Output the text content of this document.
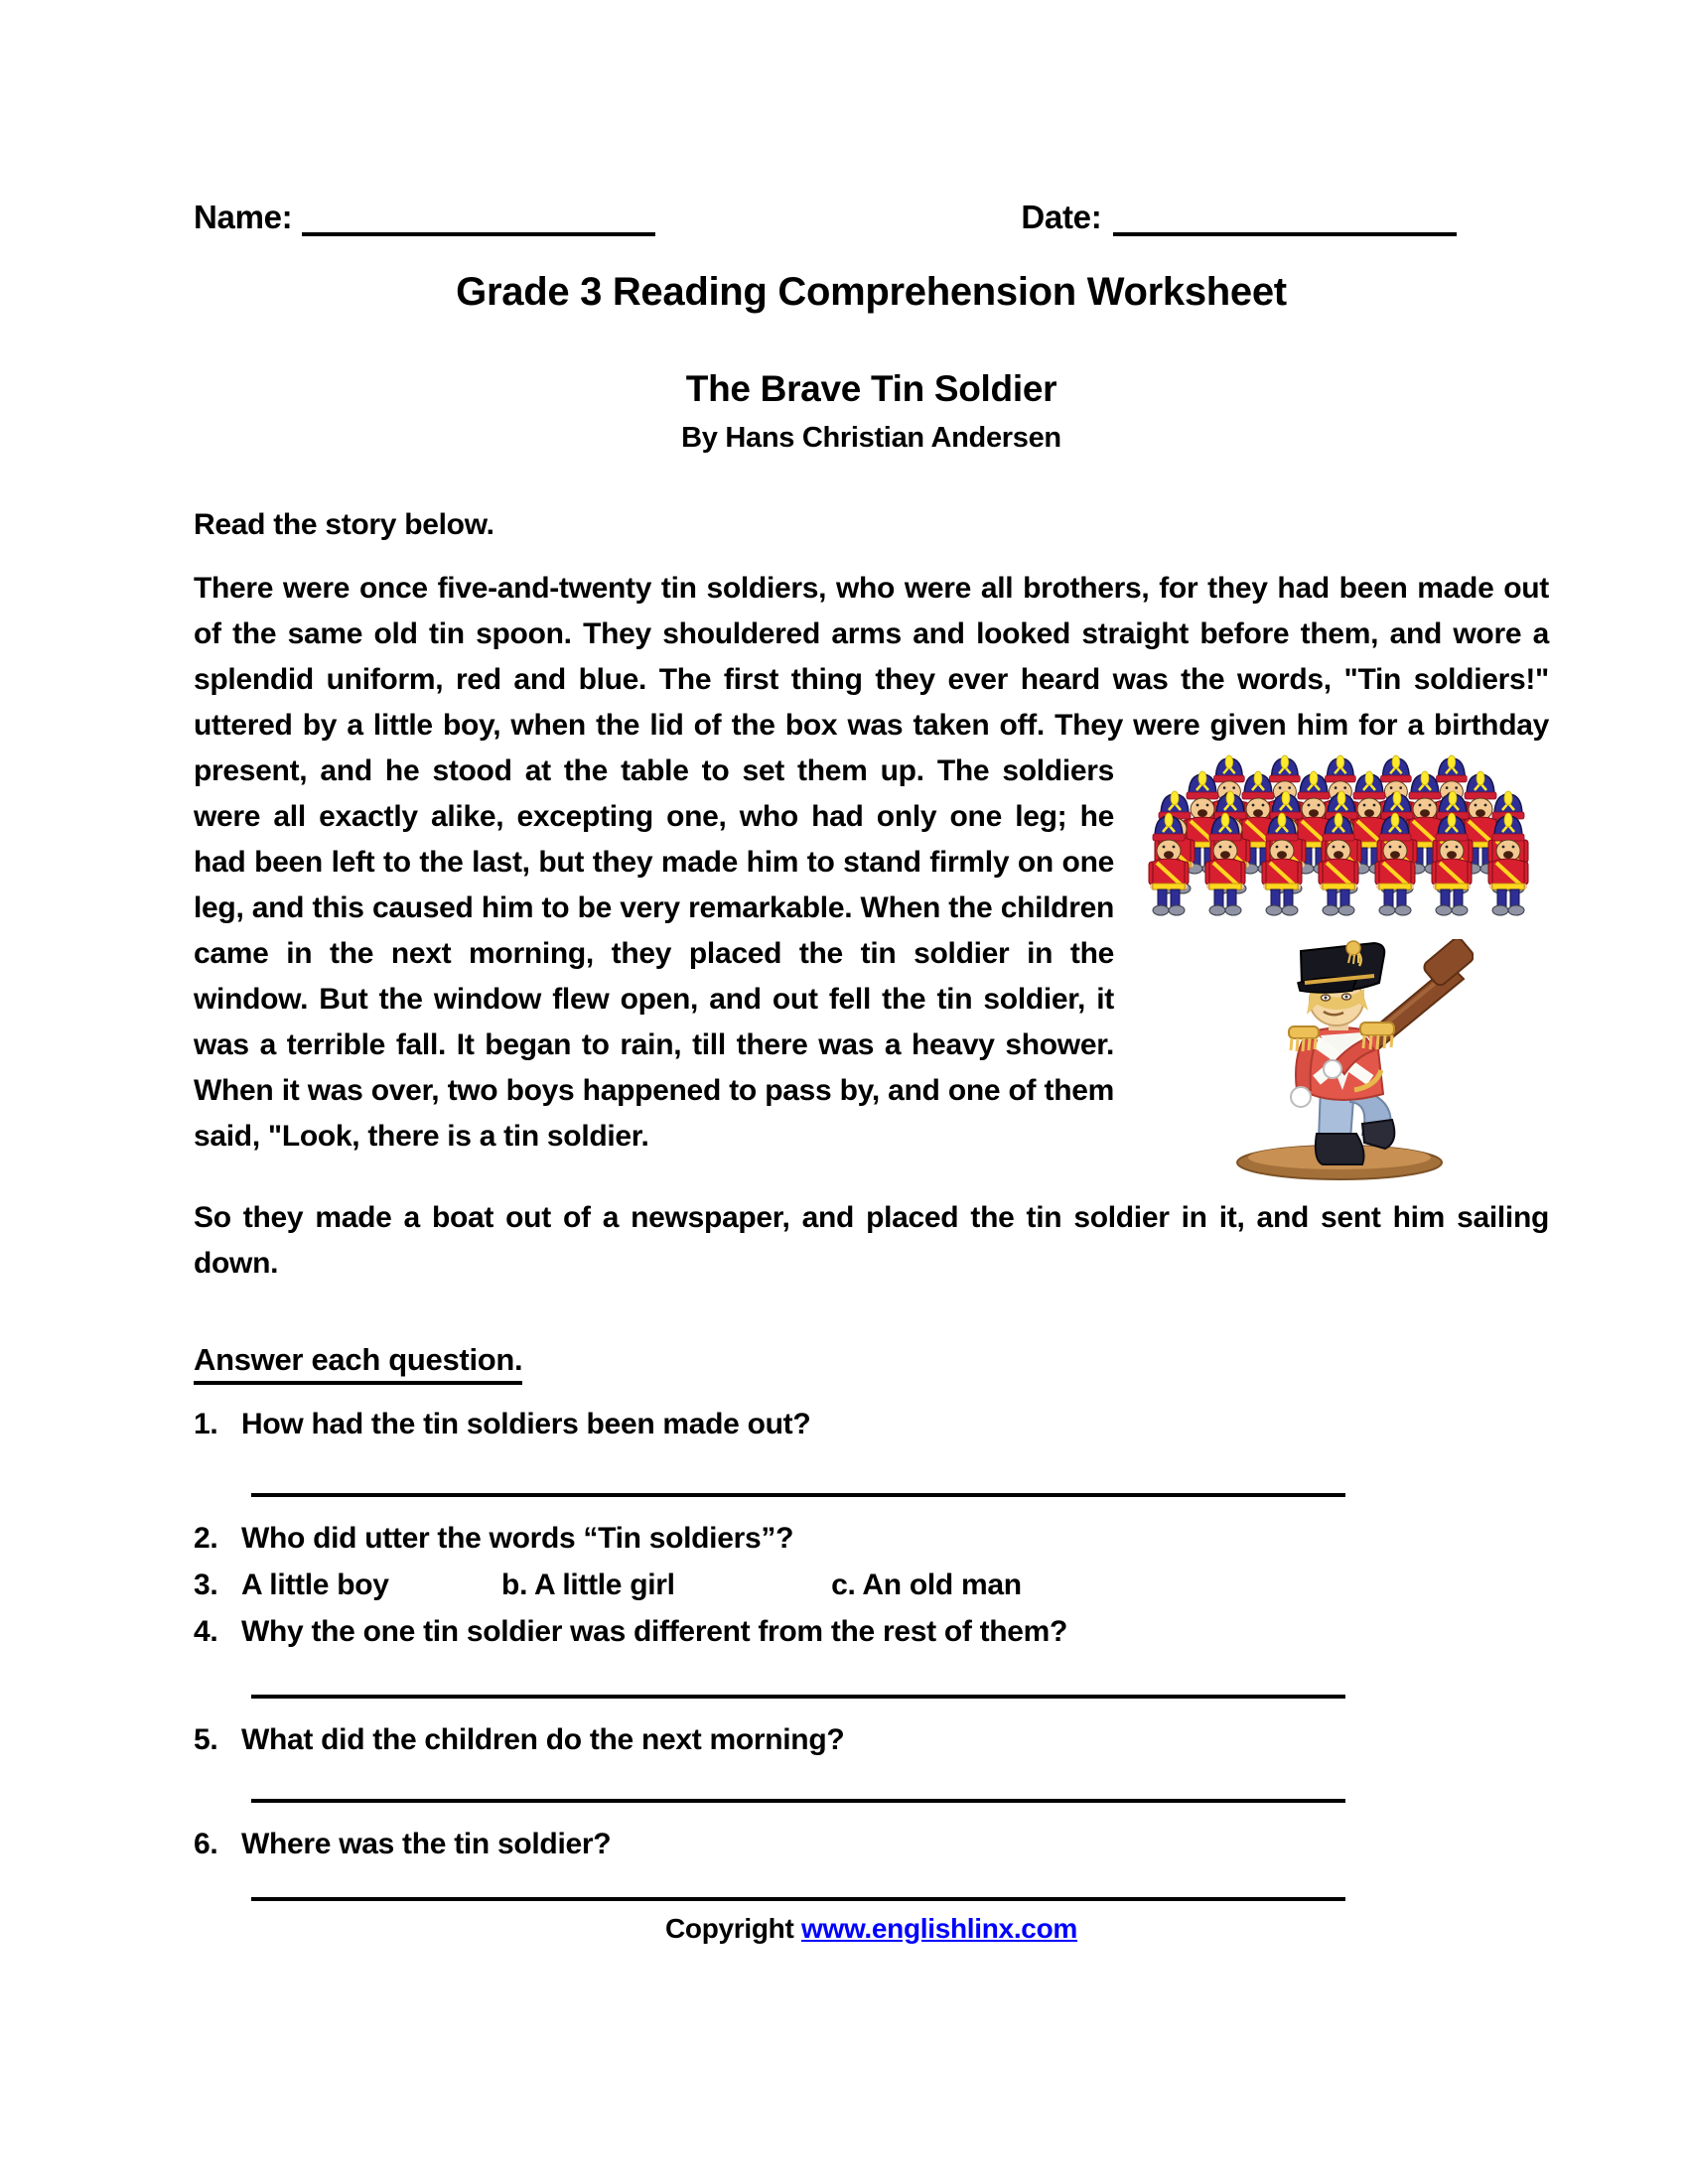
Name:	Date:
Grade 3 Reading Comprehension Worksheet
The Brave Tin Soldier
By Hans Christian Andersen
Read the story below.

There were once five-and-twenty tin soldiers, who were all brothers, for they had been made out of the same old tin spoon. They shouldered arms and looked straight before them, and wore a splendid uniform, red and blue. The first thing they ever heard was the words, "Tin soldiers!" uttered by a little boy, when the lid of the box was taken off. They were given him for a birthday

present, and he stood at the table to set them up. The soldiers were all exactly alike, excepting one, who had only one leg; he had been left to the last, but they made him to stand firmly on one leg, and this caused him to be very remarkable. When the children came in the next morning, they placed the tin soldier in the window. But the window flew open, and out fell the tin soldier, it was a terrible fall. It began to rain, till there was a heavy shower. When it was over, two boys happened to pass by, and one of them said, "Look, there is a tin soldier.

So they made a boat out of a newspaper, and placed the tin soldier in it, and sent him sailing down.

Answer each question.
1. How had the tin soldiers been made out?
2. Who did utter the words “Tin soldiers”?
3. A little boy	b. A little girl	c. An old man
4. Why the one tin soldier was different from the rest of them?
5. What did the children do the next morning?
6. Where was the tin soldier?
Copyright www.englishlinx.com
